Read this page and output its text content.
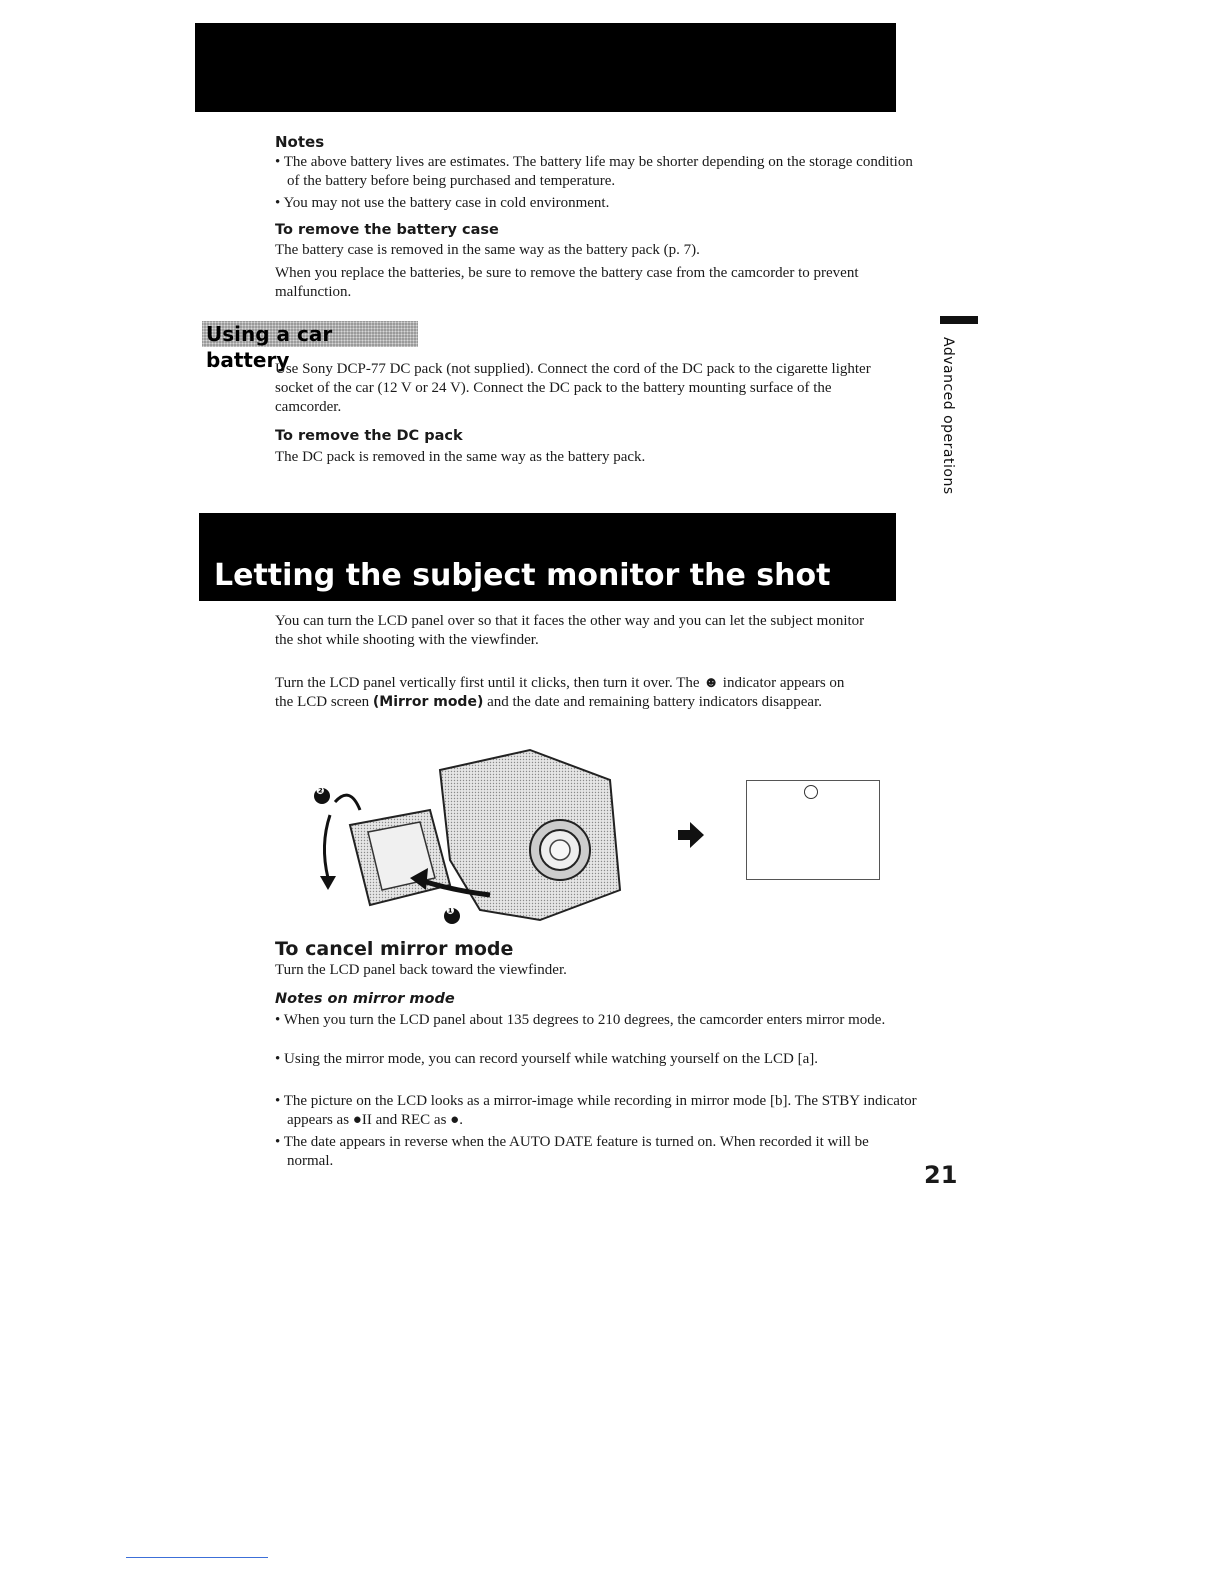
Notes
• The above battery lives are estimates. The battery life may be shorter depending on the storage condition of the battery before being purchased and temperature.
• You may not use the battery case in cold environment.
To remove the battery case
The battery case is removed in the same way as the battery pack (p. 7).
When you replace the batteries, be sure to remove the battery case from the camcorder to prevent malfunction.
Using a car battery
Use Sony DCP-77 DC pack (not supplied). Connect the cord of the DC pack to the cigarette lighter socket of the car (12 V or 24 V). Connect the DC pack to the battery mounting surface of the camcorder.
To remove the DC pack
The DC pack is removed in the same way as the battery pack.	Advanced operations
Letting the subject monitor the shot
You can turn the LCD panel over so that it faces the other way and you can let the subject monitor the shot while shooting with the viewfinder.
Turn the LCD panel vertically first until it clicks, then turn it over. The ☻ indicator appears on the LCD screen (Mirror mode) and the date and remaining battery indicators disappear.
❷
❶
To cancel mirror mode
Turn the LCD panel back toward the viewfinder.
Notes on mirror mode
• When you turn the LCD panel about 135 degrees to 210 degrees, the camcorder enters mirror mode.
• Using the mirror mode, you can record yourself while watching yourself on the LCD [a].
• The picture on the LCD looks as a mirror-image while recording in mirror mode [b]. The STBY indicator appears as ●II and REC as ●.
• The date appears in reverse when the AUTO DATE feature is turned on. When recorded it will be normal.	21
